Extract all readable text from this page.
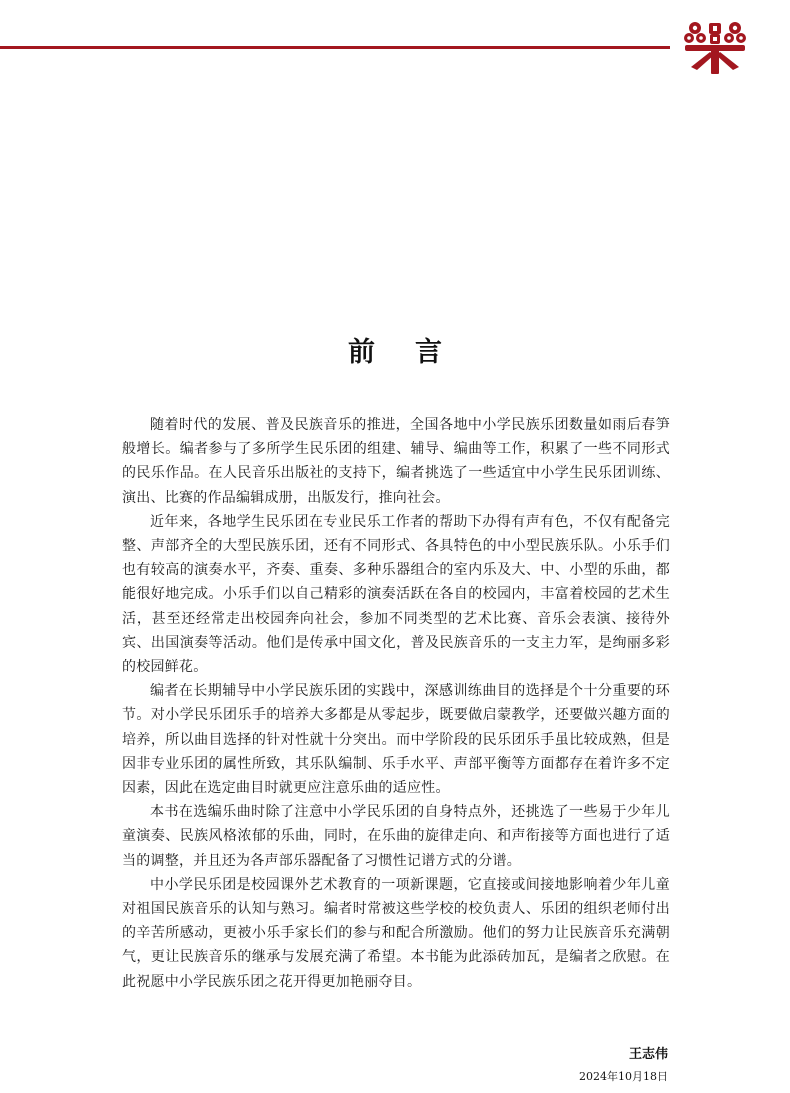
前言

随着时代的发展、普及民族音乐的推进，全国各地中小学民族乐团数量如雨后春笋般增长。编者参与了多所学生民乐团的组建、辅导、编曲等工作，积累了一些不同形式的民乐作品。在人民音乐出版社的支持下，编者挑选了一些适宜中小学生民乐团训练、演出、比赛的作品编辑成册，出版发行，推向社会。

近年来，各地学生民乐团在专业民乐工作者的帮助下办得有声有色，不仅有配备完整、声部齐全的大型民族乐团，还有不同形式、各具特色的中小型民族乐队。小乐手们也有较高的演奏水平，齐奏、重奏、多种乐器组合的室内乐及大、中、小型的乐曲，都能很好地完成。小乐手们以自己精彩的演奏活跃在各自的校园内，丰富着校园的艺术生活，甚至还经常走出校园奔向社会，参加不同类型的艺术比赛、音乐会表演、接待外宾、出国演奏等活动。他们是传承中国文化，普及民族音乐的一支主力军，是绚丽多彩的校园鲜花。

编者在长期辅导中小学民族乐团的实践中，深感训练曲目的选择是个十分重要的环节。对小学民乐团乐手的培养大多都是从零起步，既要做启蒙教学，还要做兴趣方面的培养，所以曲目选择的针对性就十分突出。而中学阶段的民乐团乐手虽比较成熟，但是因非专业乐团的属性所致，其乐队编制、乐手水平、声部平衡等方面都存在着许多不定因素，因此在选定曲目时就更应注意乐曲的适应性。

本书在选编乐曲时除了注意中小学民乐团的自身特点外，还挑选了一些易于少年儿童演奏、民族风格浓郁的乐曲，同时，在乐曲的旋律走向、和声衔接等方面也进行了适当的调整，并且还为各声部乐器配备了习惯性记谱方式的分谱。

中小学民乐团是校园课外艺术教育的一项新课题，它直接或间接地影响着少年儿童对祖国民族音乐的认知与熟习。编者时常被这些学校的校负责人、乐团的组织老师付出的辛苦所感动，更被小乐手家长们的参与和配合所激励。他们的努力让民族音乐充满朝气，更让民族音乐的继承与发展充满了希望。本书能为此添砖加瓦，是编者之欣慰。在此祝愿中小学民族乐团之花开得更加艳丽夺目。

王志伟
2024年10月18日
